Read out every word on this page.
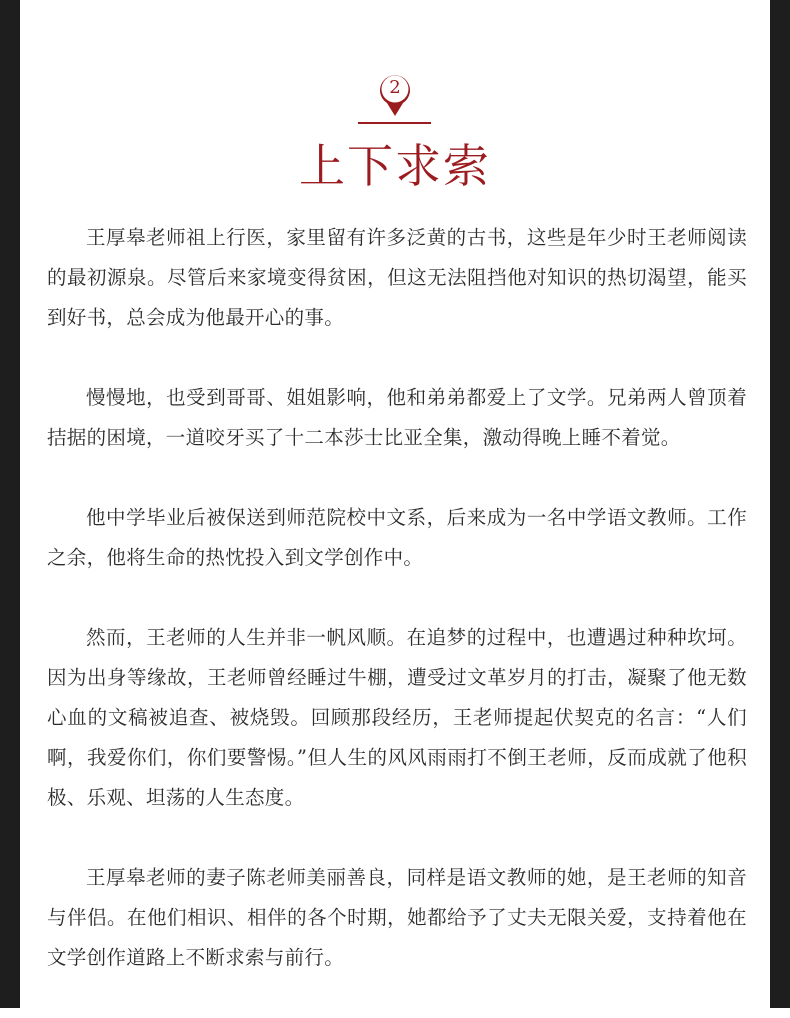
2
上下求索

王厚皋老师祖上行医，家里留有许多泛黄的古书，这些是年少时王老师阅读的最初源泉。尽管后来家境变得贫困，但这无法阻挡他对知识的热切渴望，能买到好书，总会成为他最开心的事。

慢慢地，也受到哥哥、姐姐影响，他和弟弟都爱上了文学。兄弟两人曾顶着拮据的困境，一道咬牙买了十二本莎士比亚全集，激动得晚上睡不着觉。

他中学毕业后被保送到师范院校中文系，后来成为一名中学语文教师。工作之余，他将生命的热忱投入到文学创作中。

然而，王老师的人生并非一帆风顺。在追梦的过程中，也遭遇过种种坎坷。因为出身等缘故，王老师曾经睡过牛棚，遭受过文革岁月的打击，凝聚了他无数心血的文稿被追查、被烧毁。回顾那段经历，王老师提起伏契克的名言：“人们啊，我爱你们，你们要警惕。”但人生的风风雨雨打不倒王老师，反而成就了他积极、乐观、坦荡的人生态度。

王厚皋老师的妻子陈老师美丽善良，同样是语文教师的她，是王老师的知音与伴侣。在他们相识、相伴的各个时期，她都给予了丈夫无限关爱，支持着他在文学创作道路上不断求索与前行。
